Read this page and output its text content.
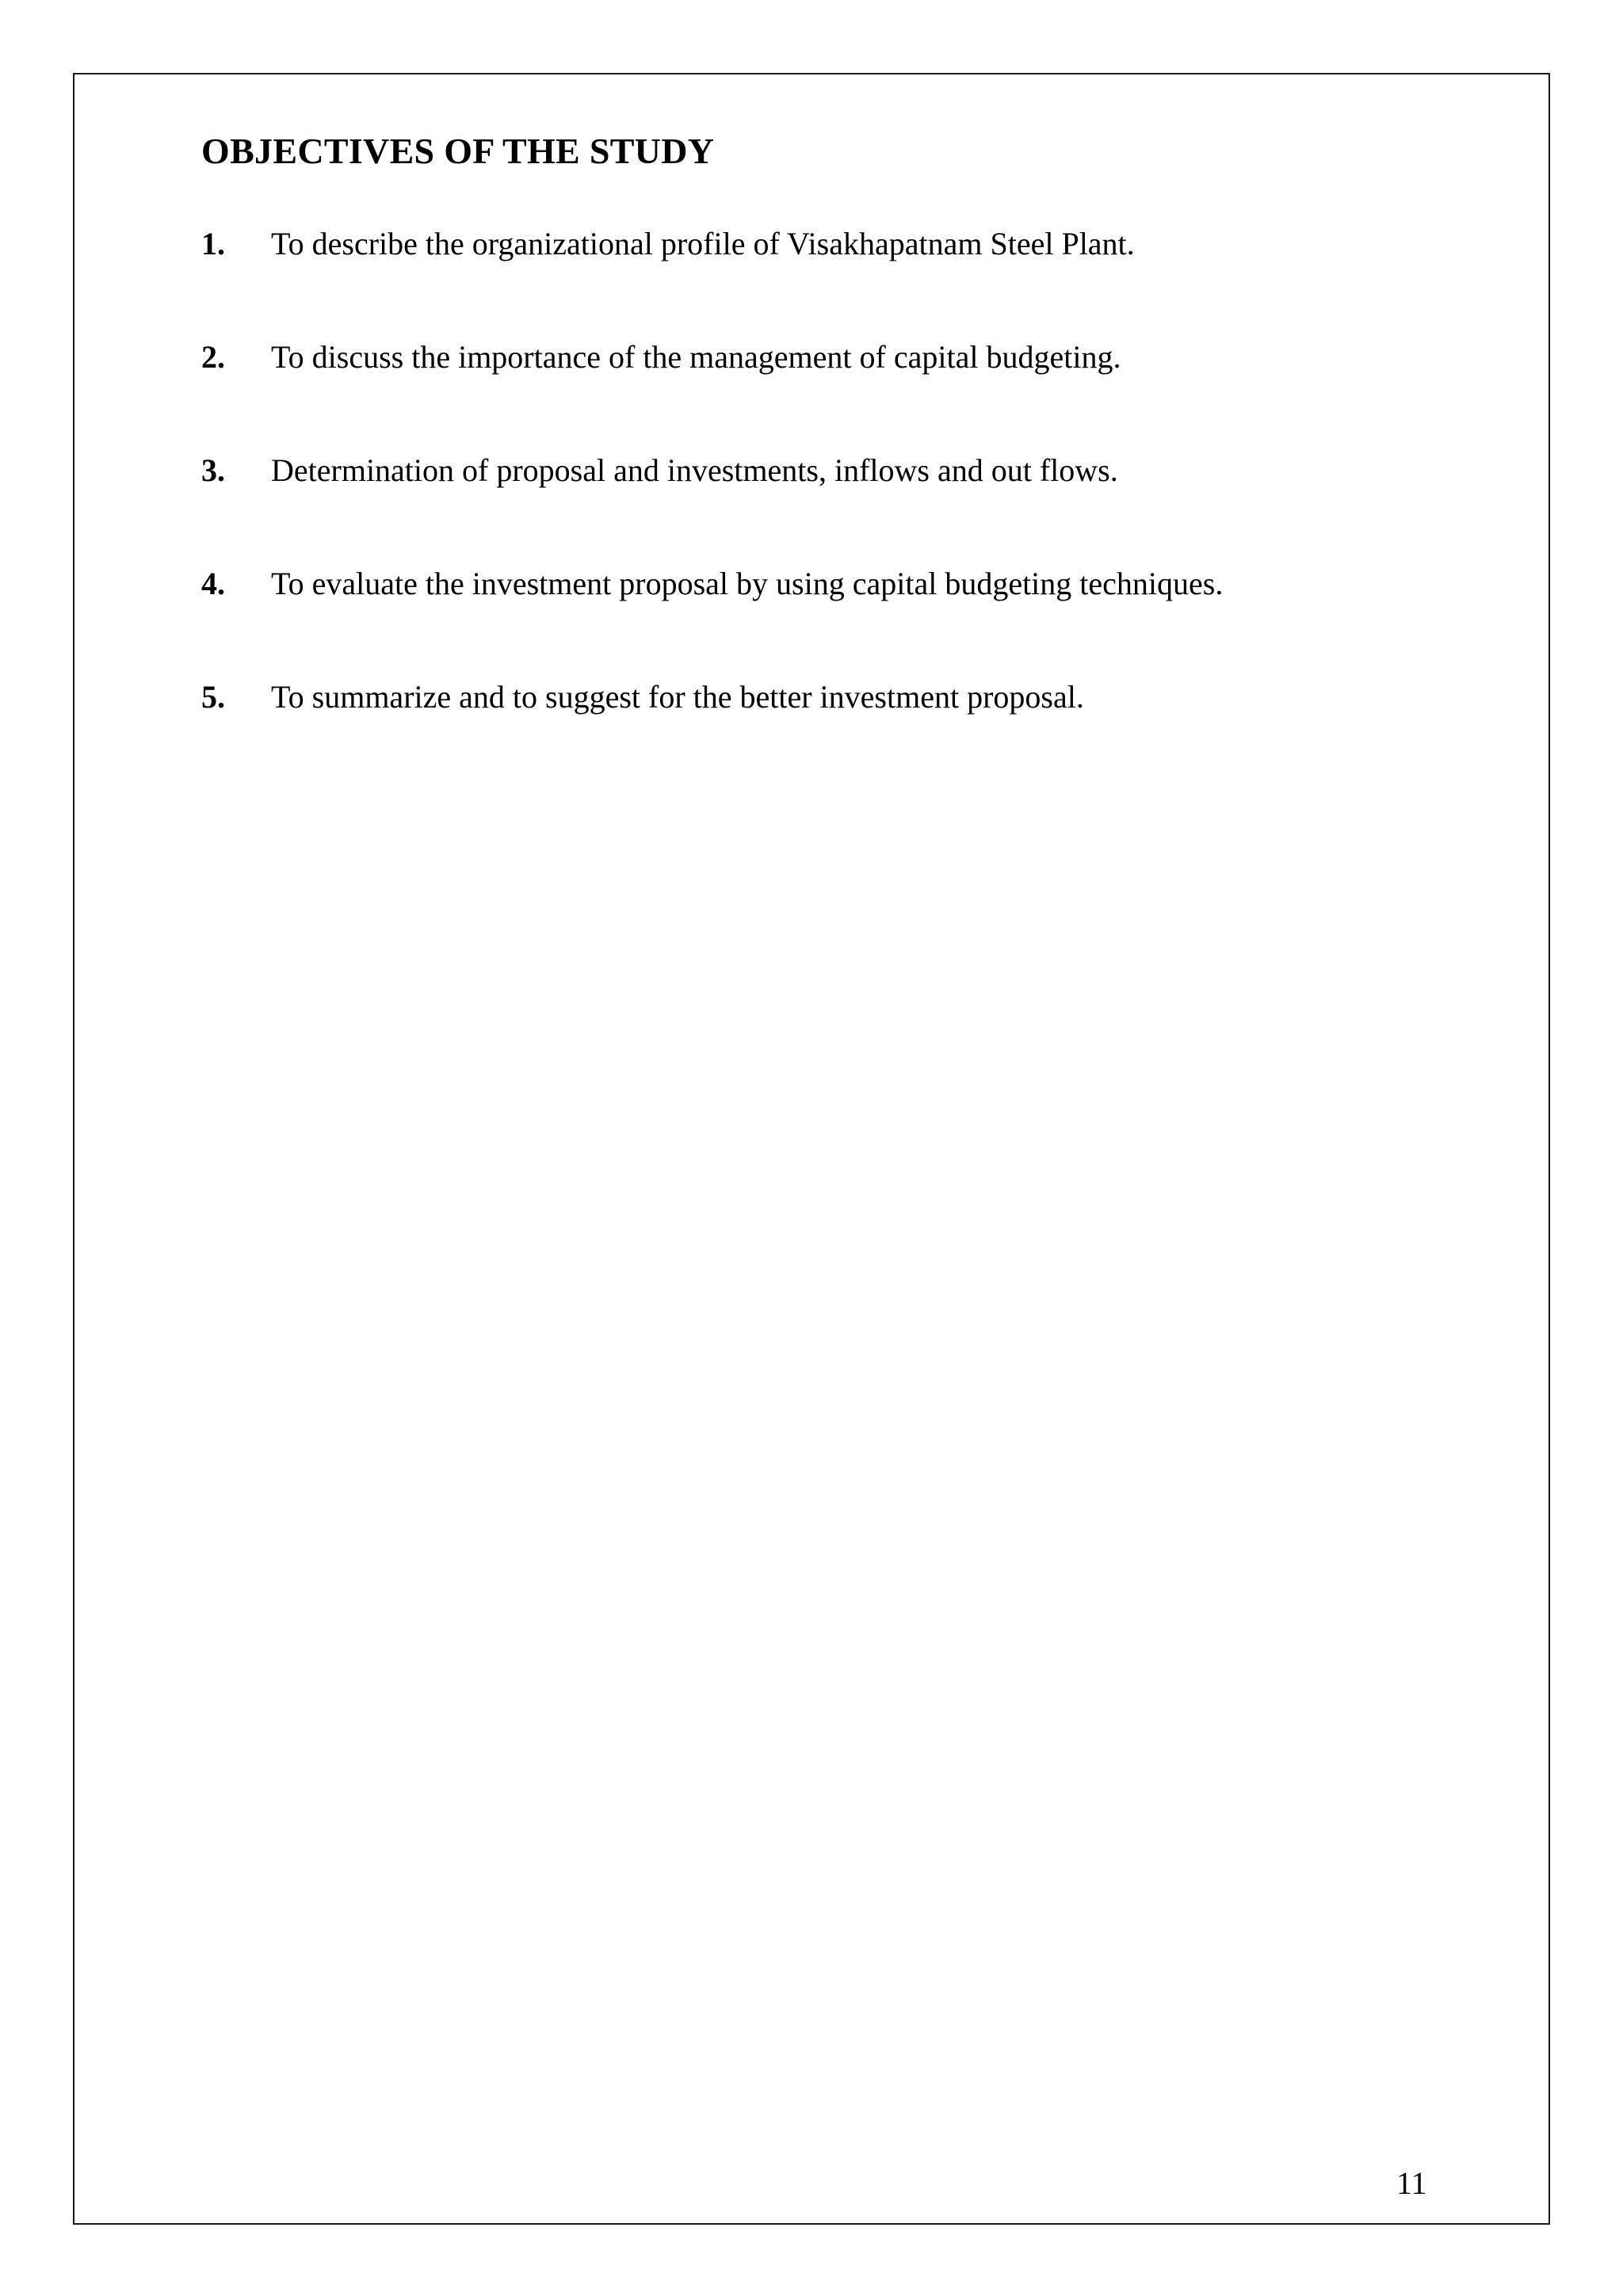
OBJECTIVES OF THE STUDY
1.	To describe the organizational profile of Visakhapatnam Steel Plant.
2.	To discuss the importance of the management of capital budgeting.
3.	Determination of proposal and investments, inflows and out flows.
4.	To evaluate the investment proposal by using capital budgeting techniques.
5.	To summarize and to suggest for the better investment proposal.
11
